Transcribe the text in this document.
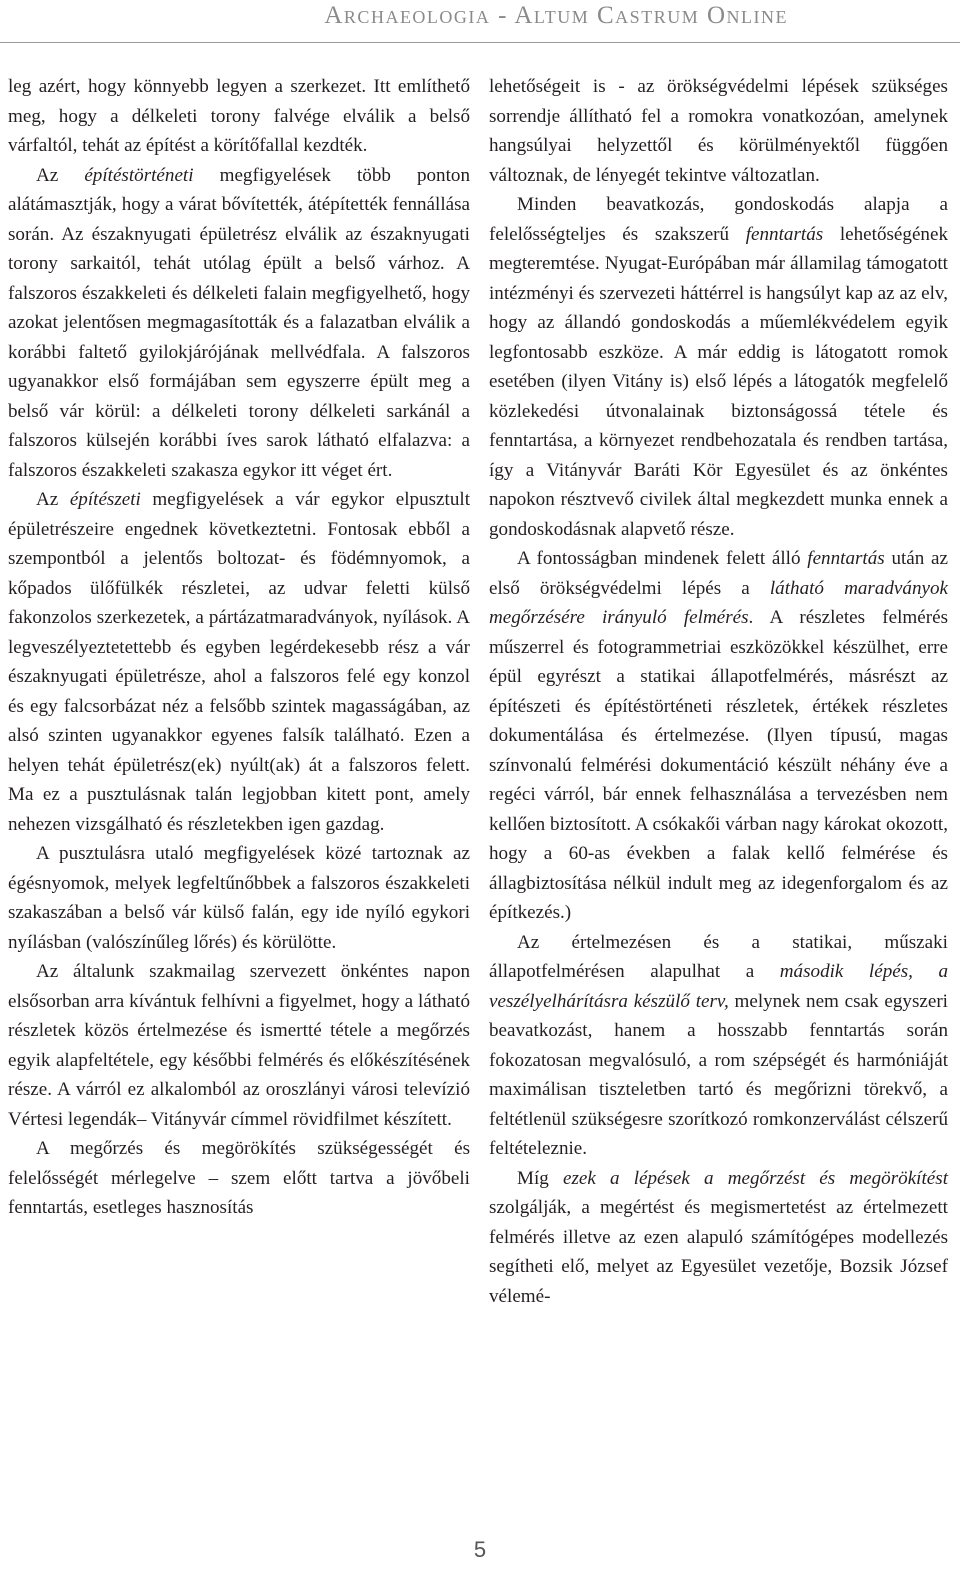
Archaeologia - Altum Castrum Online

leg azért, hogy könnyebb legyen a szerkezet. Itt említhető meg, hogy a délkeleti torony falvége elválik a belső várfaltól, tehát az építést a körítőfallal kezdték.

Az építéstörténeti megfigyelések több ponton alátámasztják, hogy a várat bővítették, átépítették fennállása során. Az északnyugati épületrész elválik az északnyugati torony sarkaitól, tehát utólag épült a belső várhoz. A falszoros északkeleti és délkeleti falain megfigyelhető, hogy azokat jelentősen megmagasították és a falazatban elválik a korábbi faltető gyilokjárójának mellvédfala. A falszoros ugyanakkor első formájában sem egyszerre épült meg a belső vár körül: a délkeleti torony délkeleti sarkánál a falszoros külsején korábbi íves sarok látható elfalazva: a falszoros északkeleti szakasza egykor itt véget ért.

Az építészeti megfigyelések a vár egykor elpusztult épületrészeire engednek következtetni. Fontosak ebből a szempontból a jelentős boltozat- és födémnyomok, a kőpados ülőfülkék részletei, az udvar feletti külső fakonzolos szerkezetek, a pártázatmaradványok, nyílások. A legveszélyeztetettebb és egyben legérdekesebb rész a vár északnyugati épületrésze, ahol a falszoros felé egy konzol és egy falcsorbázat néz a felsőbb szintek magasságában, az alsó szinten ugyanakkor egyenes falsík található. Ezen a helyen tehát épületrész(ek) nyúlt(ak) át a falszoros felett. Ma ez a pusztulásnak talán legjobban kitett pont, amely nehezen vizsgálható és részletekben igen gazdag.

A pusztulásra utaló megfigyelések közé tartoznak az égésnyomok, melyek legfeltűnőbbek a falszoros északkeleti szakaszában a belső vár külső falán, egy ide nyíló egykori nyílásban (valószínűleg lőrés) és körülötte.

Az általunk szakmailag szervezett önkéntes napon elsősorban arra kívántuk felhívni a figyelmet, hogy a látható részletek közös értelmezése és ismertté tétele a megőrzés egyik alapfeltétele, egy későbbi felmérés és előkészítésének része. A várról ez alkalomból az oroszlányi városi televízió Vértesi legendák– Vitányvár címmel rövidfilmet készített.

A megőrzés és megörökítés szükségességét és felelősségét mérlegelve – szem előtt tartva a jövőbeli fenntartás, esetleges hasznosítás

lehetőségeit is - az örökségvédelmi lépések szükséges sorrendje állítható fel a romokra vonatkozóan, amelynek hangsúlyai helyzettől és körülményektől függően változnak, de lényegét tekintve változatlan.

Minden beavatkozás, gondoskodás alapja a felelősségteljes és szakszerű fenntartás lehetőségének megteremtése. Nyugat-Európában már államilag támogatott intézményi és szervezeti háttérrel is hangsúlyt kap az az elv, hogy az állandó gondoskodás a műemlékvédelem egyik legfontosabb eszköze. A már eddig is látogatott romok esetében (ilyen Vitány is) első lépés a látogatók megfelelő közlekedési útvonalainak biztonságossá tétele és fenntartása, a környezet rendbehozatala és rendben tartása, így a Vitányvár Baráti Kör Egyesület és az önkéntes napokon résztvevő civilek által megkezdett munka ennek a gondoskodásnak alapvető része.

A fontosságban mindenek felett álló fenntartás után az első örökségvédelmi lépés a látható maradványok megőrzésére irányuló felmérés. A részletes felmérés műszerrel és fotogrammetriai eszközökkel készülhet, erre épül egyrészt a statikai állapotfelmérés, másrészt az építészeti és építéstörténeti részletek, értékek részletes dokumentálása és értelmezése. (Ilyen típusú, magas színvonalú felmérési dokumentáció készült néhány éve a regéci várról, bár ennek felhasználása a tervezésben nem kellően biztosított. A csókakői várban nagy károkat okozott, hogy a 60-as években a falak kellő felmérése és állagbiztosítása nélkül indult meg az idegenforgalom és az építkezés.)

Az értelmezésen és a statikai, műszaki állapotfelmérésen alapulhat a második lépés, a veszélyelhárításra készülő terv, melynek nem csak egyszeri beavatkozást, hanem a hosszabb fenntartás során fokozatosan megvalósuló, a rom szépségét és harmóniáját maximálisan tiszteletben tartó és megőrizni törekvő, a feltétlenül szükségesre szorítkozó romkonzerválást célszerű feltételeznie.

Míg ezek a lépések a megőrzést és megörökítést szolgálják, a megértést és megismertetést az értelmezett felmérés illetve az ezen alapuló számítógépes modellezés segítheti elő, melyet az Egyesület vezetője, Bozsik József vélemé-

5
